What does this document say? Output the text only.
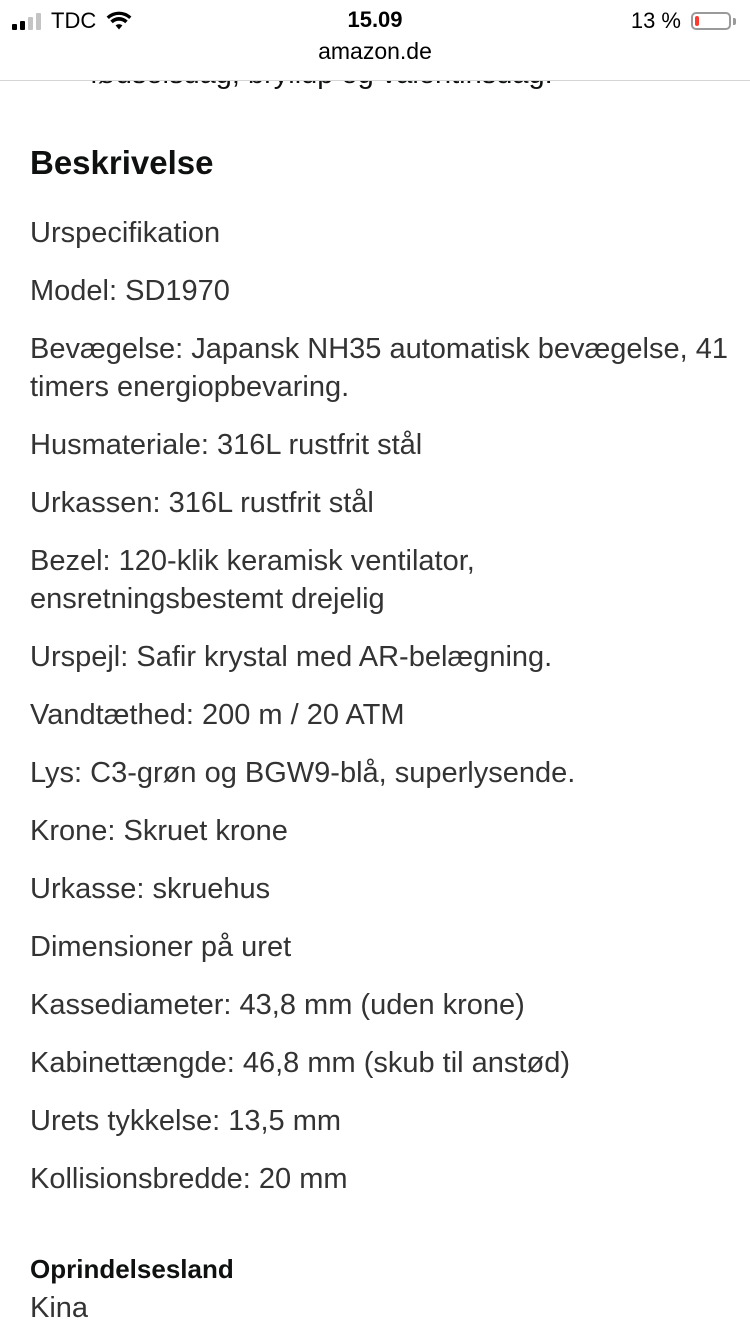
Beskrivelse
Urspecifikation
Model: SD1970
Bevægelse: Japansk NH35 automatisk bevægelse, 41 timers energiopbevaring.
Husmateriale: 316L rustfrit stål
Urkassen: 316L rustfrit stål
Bezel: 120-klik keramisk ventilator, ensretningsbestemt drejelig
Urspejl: Safir krystal med AR-belægning.
Vandtæthed: 200 m / 20 ATM
Lys: C3-grøn og BGW9-blå, superlysende.
Krone: Skruet krone
Urkasse: skruehus
Dimensioner på uret
Kassediameter: 43,8 mm (uden krone)
Kabinettængde: 46,8 mm (skub til anstød)
Urets tykkelse: 13,5 mm
Kollisionsbredde: 20 mm
Oprindelsesland
Kina
TDC	15.09	13 %
amazon.de
